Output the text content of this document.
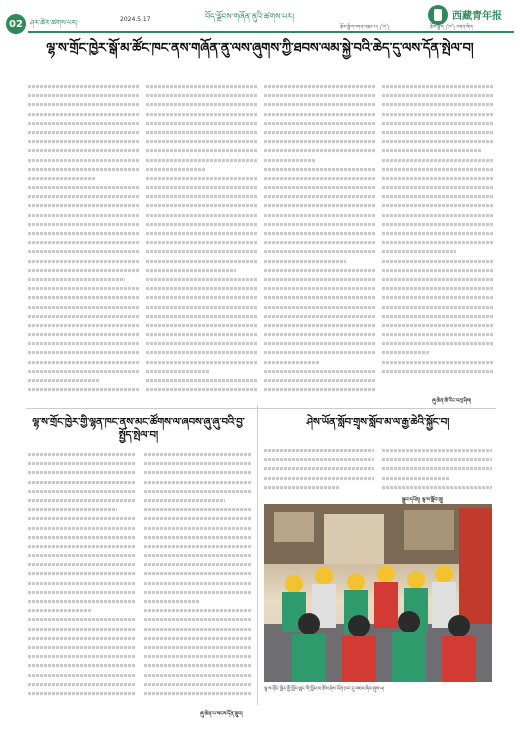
02	ཤར་ཚེར་ཚགས་པར།	2024.5.17	བོད་ལྗོངས་གཞོན་ནུའི་ཚགས་པར།	西藏青年报
རྩོམ་སྒྲིག་འགན་འཁུར་པ། ༼ཀ༽	རྩོམ་སྒྲིག ༼ཁ༽ འགན་ཞིབ།
ལྷ་ས་གྲོང་ཁྱེར་སྒོ་མ་ཚོང་ཁང་ནས་གཞོན་ནུ་ལས་ཞུགས་ཀྱི་ཐབས་ལམ་སྐྱེ་བའི་ཆེད་དུ་ལས་དོན་སྤེལ་བ།
ཞུ་ཆེན་ཚེ་རིང་བཀྲ་ཤིས།
ལྷ་ས་གྲོང་ཁྱེར་གྱི་ལྷན་ཁང་ནས་མང་ཚོགས་ལ་ཞབས་ཞུ་ཞུ་བའི་བྱ་སྤྱོད་སྤེལ་བ།
ཞུ་ཆེན་པ་སངས་དོན་གྲུབ།
ཤེས་ཡོན་སློབ་གྲྭས་སློབ་མ་ལ་རྒྱ་ཆེའི་སྐྱོང་བ།
སྒྲུབ་དཔོན། ལྷ་ས་སློབ་གྲྭ།
ལྷ་ས་གྲོང་ཁྱེར་གྱི་སློབ་ཆུང་གི་སློབ་མ་ཚོས་ཤེས་ཡོན་ཁང་དུ་འཇལ་ཞིབ་ཞུས་པ།
